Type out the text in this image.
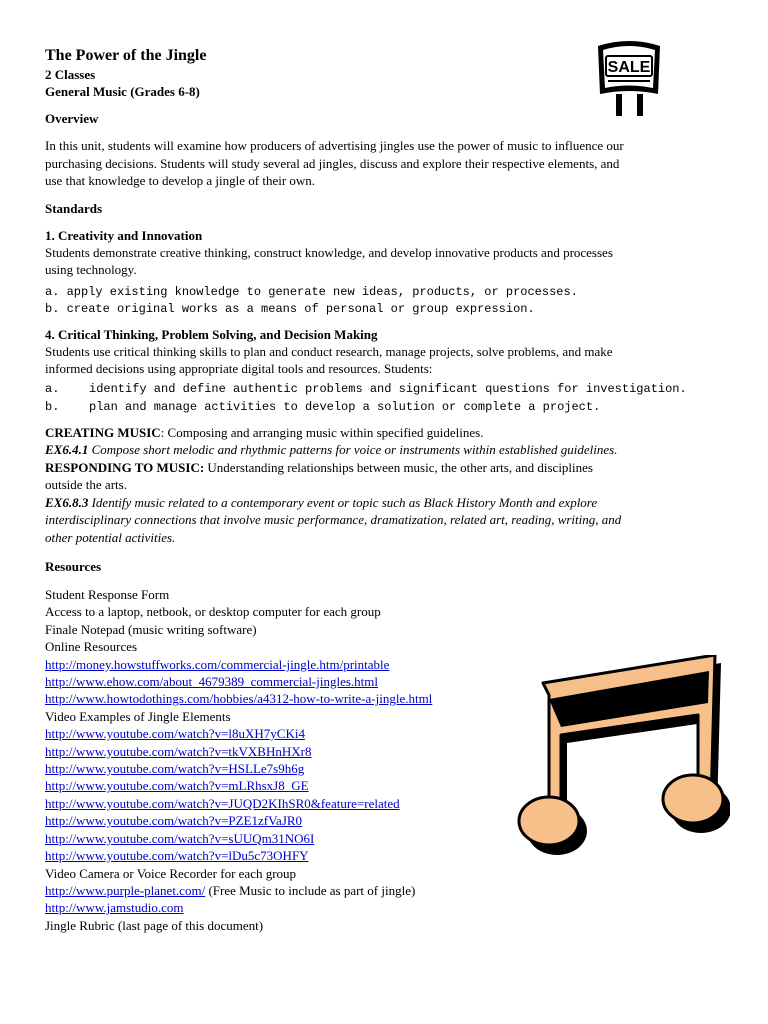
SALE
The Power of the Jingle
2 Classes
General Music (Grades 6-8)
Overview

In this unit, students will examine how producers of advertising jingles use the power of music to influence our

purchasing decisions. Students will study several ad jingles, discuss and explore their respective elements, and

use that knowledge to develop a jingle of their own.

Standards
1. Creativity and Innovation

Students demonstrate creative thinking, construct knowledge, and develop innovative products and processes

using technology.

a. apply existing knowledge to generate new ideas, products, or processes.
b. create original works as a means of personal or group expression.
4. Critical Thinking, Problem Solving, and Decision Making

Students use critical thinking skills to plan and conduct research, manage projects, solve problems, and make

informed decisions using appropriate digital tools and resources. Students:

a.	identify and define authentic problems and significant questions for investigation.
b.	plan and manage activities to develop a solution or complete a project.
CREATING MUSIC: Composing and arranging music within specified guidelines.
EX6.4.1 Compose short melodic and rhythmic patterns for voice or instruments within established guidelines.
RESPONDING TO MUSIC: Understanding relationships between music, the other arts, and disciplines
outside the arts.
EX6.8.3 Identify music related to a contemporary event or topic such as Black History Month and explore
interdisciplinary connections that involve music performance, dramatization, related art, reading, writing, and
other potential activities.
Resources
Student Response Form
Access to a laptop, netbook, or desktop computer for each group
Finale Notepad (music writing software)
Online Resources
http://money.howstuffworks.com/commercial-jingle.htm/printable
http://www.ehow.com/about_4679389_commercial-jingles.html
http://www.howtodothings.com/hobbies/a4312-how-to-write-a-jingle.html
Video Examples of Jingle Elements
http://www.youtube.com/watch?v=l8uXH7yCKi4
http://www.youtube.com/watch?v=tkVXBHnHXr8
http://www.youtube.com/watch?v=HSLLe7s9h6g
http://www.youtube.com/watch?v=mLRhsxJ8_GE
http://www.youtube.com/watch?v=JUQD2KIhSR0&feature=related
http://www.youtube.com/watch?v=PZE1zfVaJR0
http://www.youtube.com/watch?v=sUUQm31NO6I
http://www.youtube.com/watch?v=lDu5c73OHFY
Video Camera or Voice Recorder for each group
http://www.purple-planet.com/ (Free Music to include as part of jingle)
http://www.jamstudio.com
Jingle Rubric (last page of this document)
